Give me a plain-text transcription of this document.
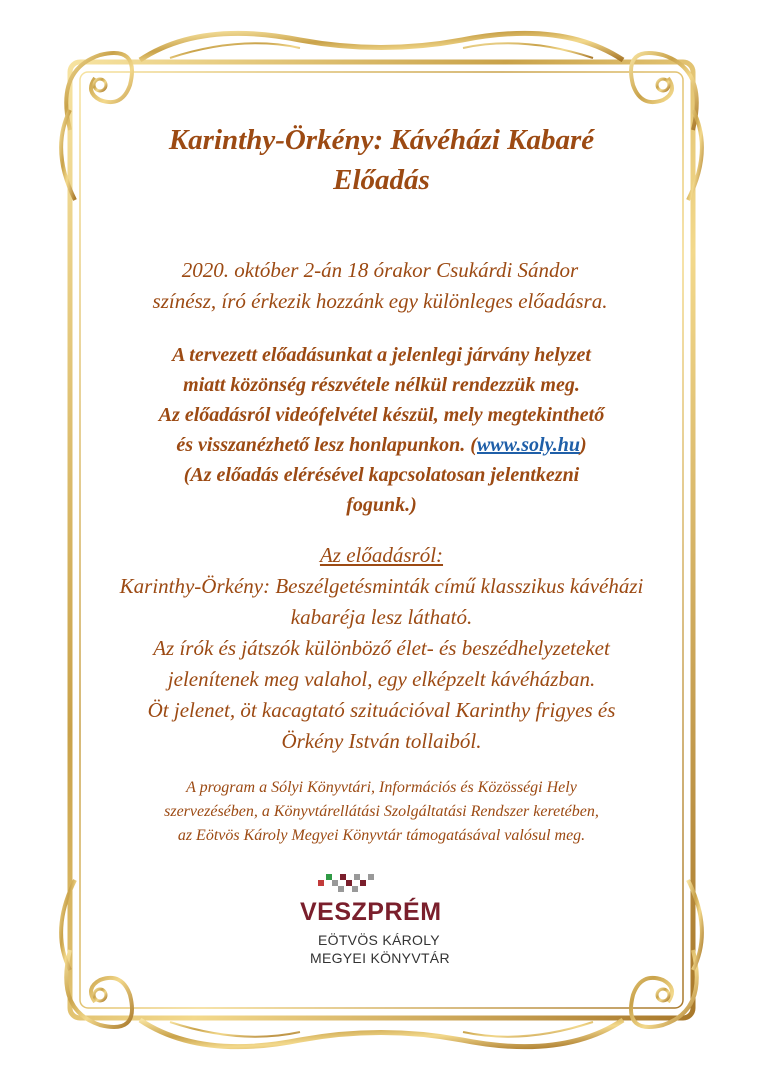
Karinthy-Örkény: Kávéházi Kabaré
Előadás
2020. október 2-án 18 órakor Csukárdi Sándor
színész, író érkezik hozzánk egy különleges előadásra.
A tervezett előadásunkat a jelenlegi járvány helyzet
miatt közönség részvétele nélkül rendezzük meg.
Az előadásról videófelvétel készül, mely megtekinthető
és visszanézhető lesz honlapunkon. (www.soly.hu)
(Az előadás elérésével kapcsolatosan jelentkezni
fogunk.)
Az előadásról:
Karinthy-Örkény: Beszélgetésminták című klasszikus kávéházi
kabaréja lesz látható.
Az írók és játszók különböző élet- és beszédhelyzeteket
jelenítenek meg valahol, egy elképzelt kávéházban.
Öt jelenet, öt kacagtató szituációval Karinthy frigyes és
Örkény István tollaiból.
A program a Sólyi Könyvtári, Információs és Közösségi Hely
szervezésében, a Könyvtárellátási Szolgáltatási Rendszer keretében,
az Eötvös Károly Megyei Könyvtár támogatásával valósul meg.
VESZPRÉM
EÖTVÖS KÁROLY
MEGYEI KÖNYVTÁR
